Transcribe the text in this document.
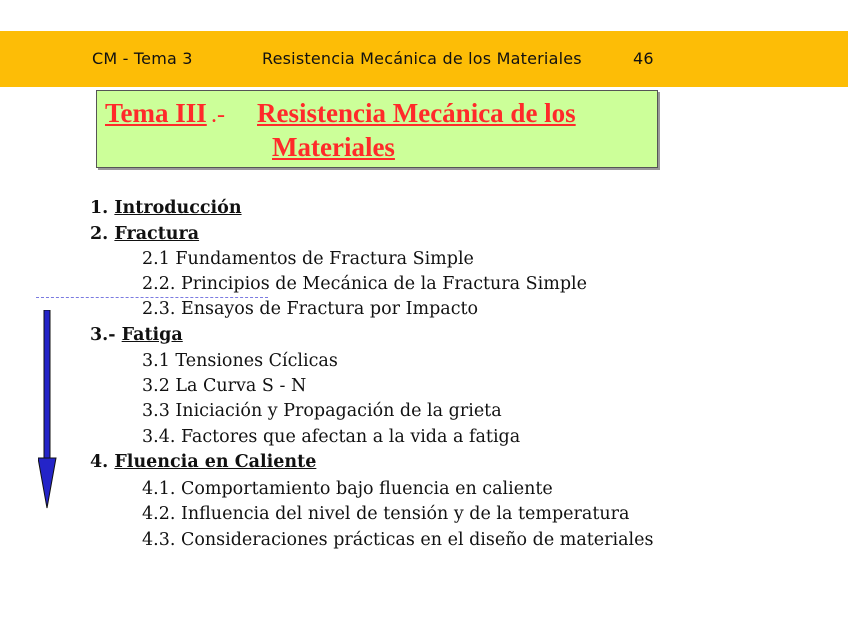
CM - Tema 3	Resistencia Mecánica de los Materiales	46
Tema III .- Resistencia Mecánica de los
Materiales
1. Introducción
2. Fractura
2.1 Fundamentos de Fractura Simple
2.2. Principios de Mecánica de la Fractura Simple
2.3. Ensayos de Fractura por Impacto
3.- Fatiga
3.1 Tensiones Cíclicas
3.2 La Curva S - N
3.3 Iniciación y Propagación de la grieta
3.4. Factores que afectan a la vida a fatiga
4. Fluencia en Caliente
4.1. Comportamiento bajo fluencia en caliente
4.2. Influencia del nivel de tensión y de la temperatura
4.3. Consideraciones prácticas en el diseño de materiales
